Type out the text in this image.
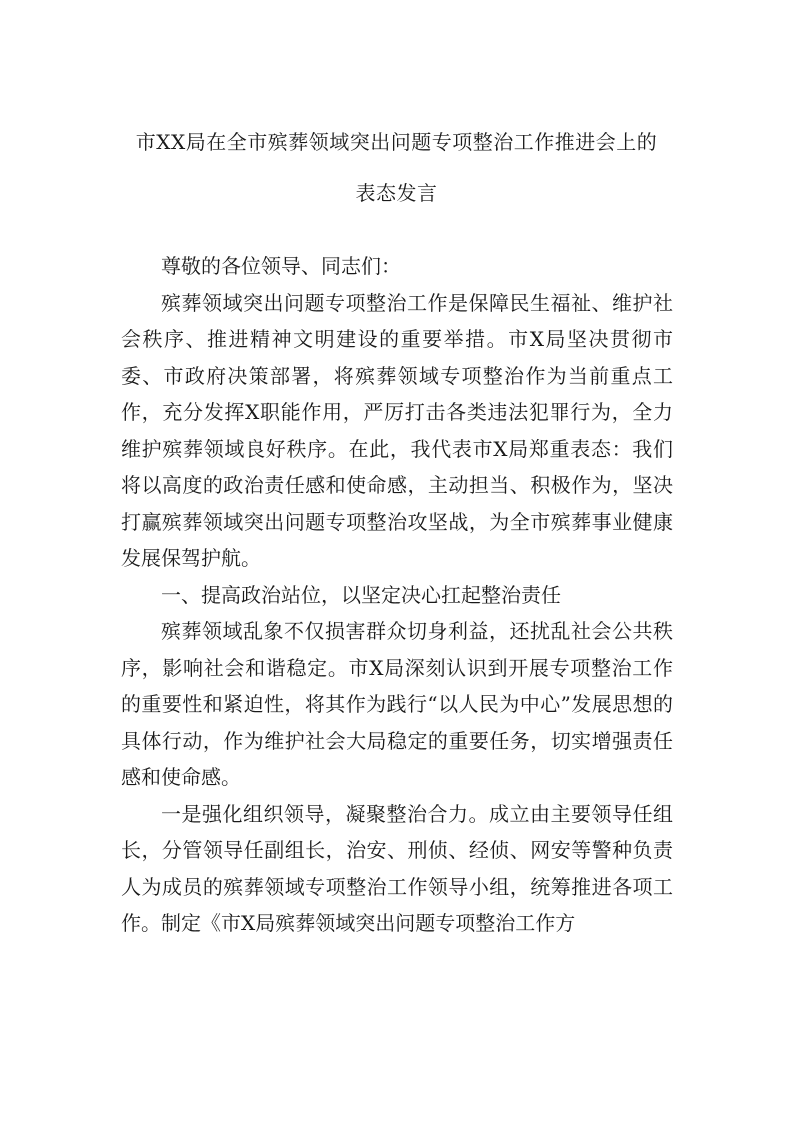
市XX局在全市殡葬领域突出问题专项整治工作推进会上的
表态发言

尊敬的各位领导、同志们：

殡葬领域突出问题专项整治工作是保障民生福祉、维护社会秩序、推进精神文明建设的重要举措。市X局坚决贯彻市委、市政府决策部署，将殡葬领域专项整治作为当前重点工作，充分发挥X职能作用，严厉打击各类违法犯罪行为，全力维护殡葬领域良好秩序。在此，我代表市X局郑重表态：我们将以高度的政治责任感和使命感，主动担当、积极作为，坚决打赢殡葬领域突出问题专项整治攻坚战，为全市殡葬事业健康发展保驾护航。

一、提高政治站位，以坚定决心扛起整治责任

殡葬领域乱象不仅损害群众切身利益，还扰乱社会公共秩序，影响社会和谐稳定。市X局深刻认识到开展专项整治工作的重要性和紧迫性，将其作为践行“以人民为中心”发展思想的具体行动，作为维护社会大局稳定的重要任务，切实增强责任感和使命感。

一是强化组织领导，凝聚整治合力。成立由主要领导任组长，分管领导任副组长，治安、刑侦、经侦、网安等警种负责人为成员的殡葬领域专项整治工作领导小组，统筹推进各项工作。制定《市X局殡葬领域突出问题专项整治工作方
